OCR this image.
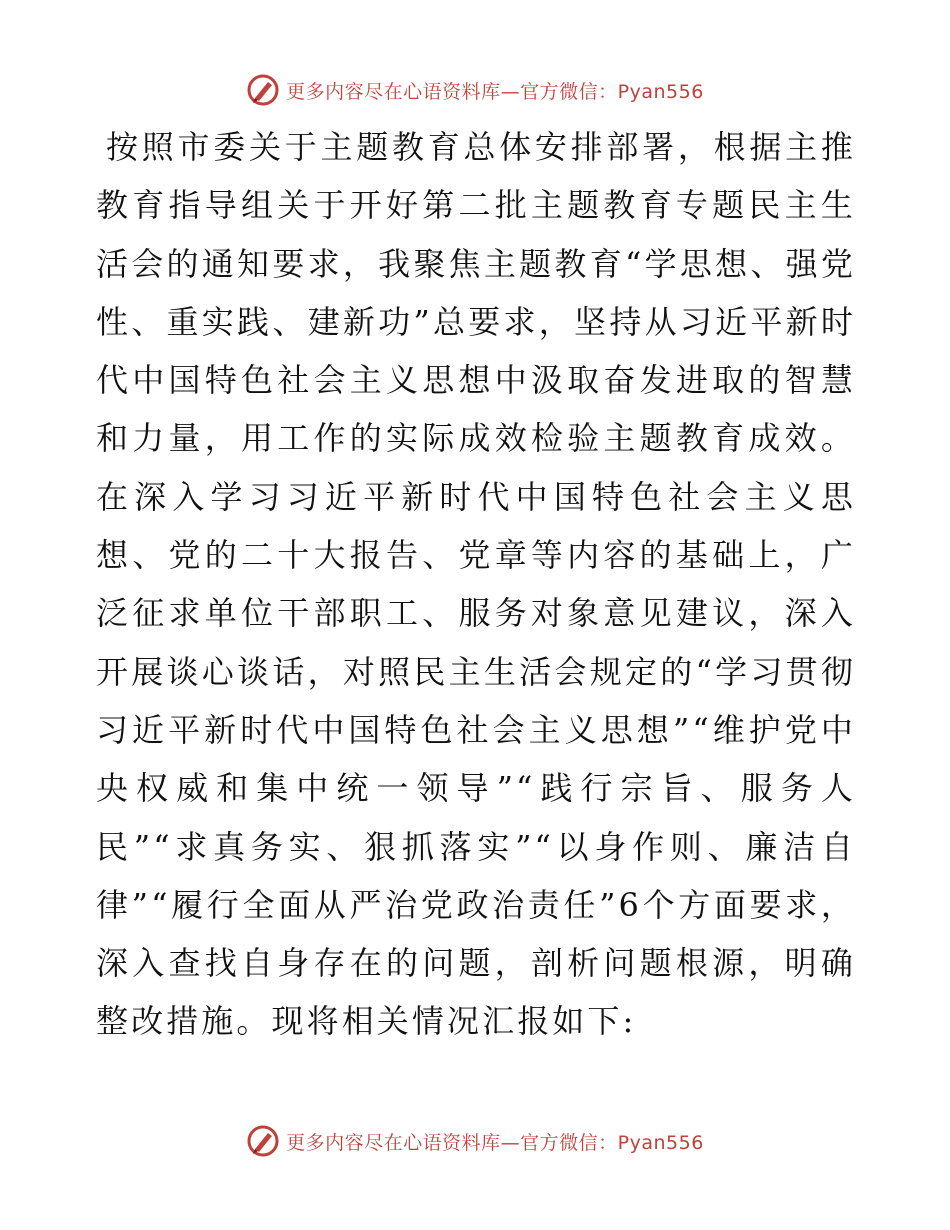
更多内容尽在心语资料库—官方微信：Pyan556

按照市委关于主题教育总体安排部署，根据主推教育指导组关于开好第二批主题教育专题民主生活会的通知要求，我聚焦主题教育“学思想、强党性、重实践、建新功”总要求，坚持从习近平新时代中国特色社会主义思想中汲取奋发进取的智慧和力量，用工作的实际成效检验主题教育成效。在深入学习习近平新时代中国特色社会主义思想、党的二十大报告、党章等内容的基础上，广泛征求单位干部职工、服务对象意见建议，深入开展谈心谈话，对照民主生活会规定的“学习贯彻习近平新时代中国特色社会主义思想”“维护党中央权威和集中统一领导”“践行宗旨、服务人民”“求真务实、狠抓落实”“以身作则、廉洁自律”“履行全面从严治党政治责任”6个方面要求，深入查找自身存在的问题，剖析问题根源，明确整改措施。现将相关情况汇报如下:

更多内容尽在心语资料库—官方微信：Pyan556
